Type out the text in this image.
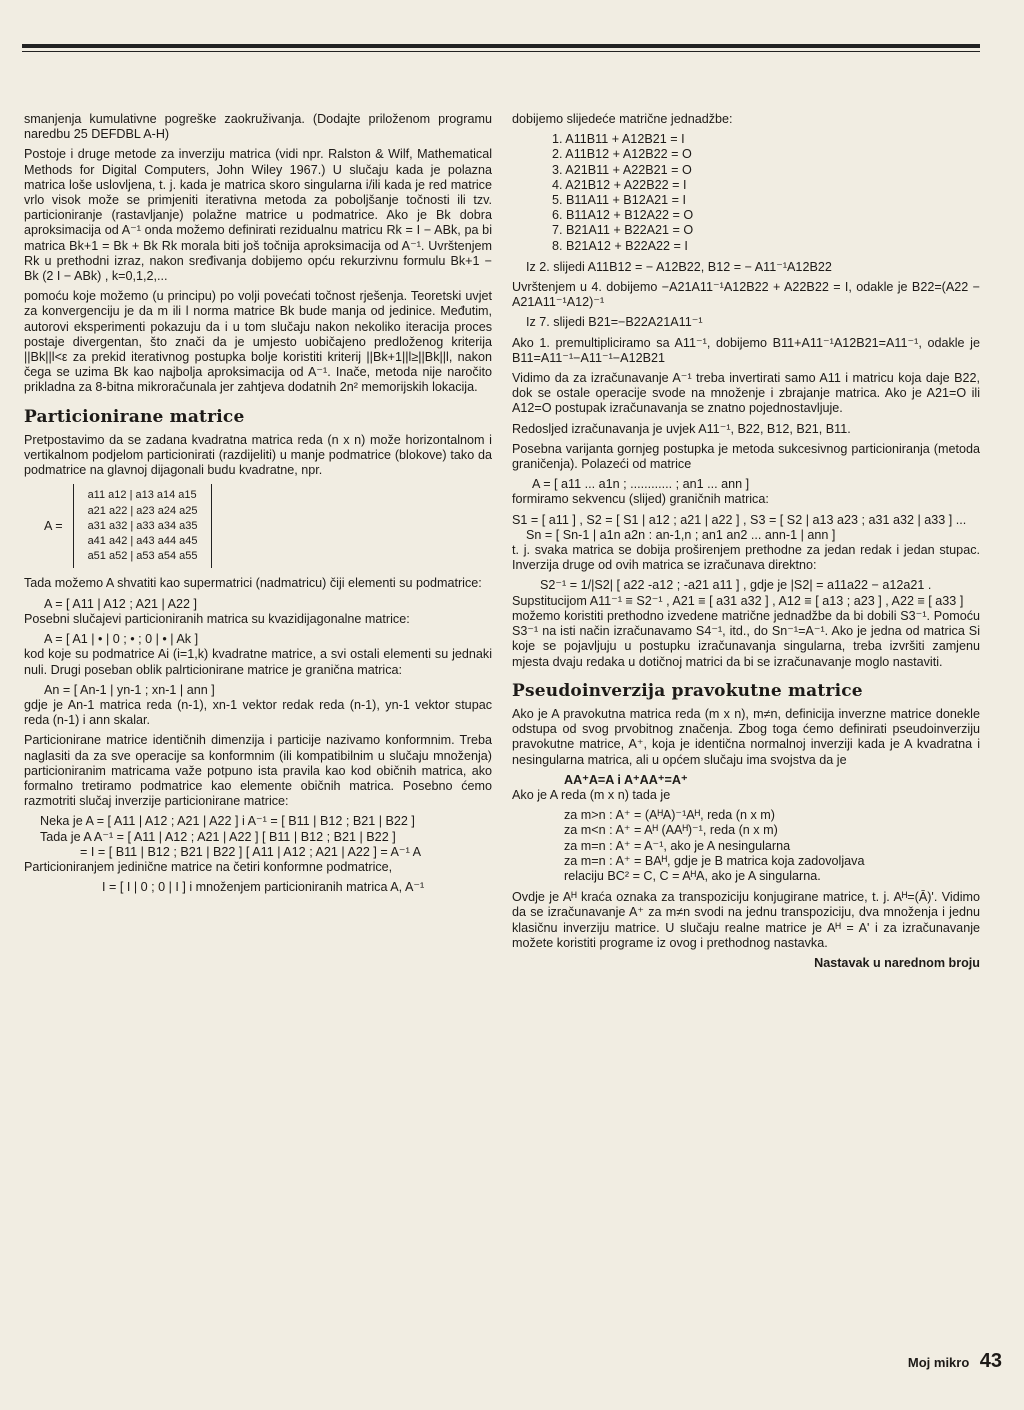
smanjenja kumulativne pogreške zaokruživanja. (Dodajte priloženom programu naredbu 25 DEFDBL A-H)

Postoje i druge metode za inverziju matrica (vidi npr. Ralston & Wilf, Mathematical Methods for Digital Computers, John Wiley 1967.) U slučaju kada je polazna matrica loše uslovljena, t. j. kada je matrica skoro singularna i/ili kada je red matrice vrlo visok može se primjeniti iterativna metoda za poboljšanje točnosti ili tzv. particioniranje (rastavljanje) polažne matrice u podmatrice. Ako je Bk dobra aproksimacija od A⁻¹ onda možemo definirati rezidualnu matricu Rk = I − ABk, pa bi matrica Bk+1 = Bk + Bk Rk morala biti još točnija aproksimacija od A⁻¹. Uvrštenjem Rk u prethodni izraz, nakon sređivanja dobijemo opću rekurzivnu formulu Bk+1 − Bk (2 I − ABk) , k=0,1,2,...

pomoću koje možemo (u principu) po volji povećati točnost rješenja. Teoretski uvjet za konvergenciju je da m ili l norma matrice Bk bude manja od jedinice. Međutim, autorovi eksperimenti pokazuju da i u tom slučaju nakon nekoliko iteracija proces postaje divergentan, što znači da je umjesto uobičajeno predloženog kriterija ||Bk||l<ε za prekid iterativnog postupka bolje koristiti kriterij ||Bk+1||l≥||Bk||l, nakon čega se uzima Bk kao najbolja aproksimacija od A⁻¹. Inače, metoda nije naročito prikladna za 8-bitna mikroračunala jer zahtjeva dodatnih 2n² memorijskih lokacija.

Particionirane matrice

Pretpostavimo da se zadana kvadratna matrica reda (n x n) može horizontalnom i vertikalnom podjelom particionirati (razdijeliti) u manje podmatrice (blokove) tako da podmatrice na glavnoj dijagonali budu kvadratne, npr.

A =
a11 a12 | a13 a14 a15
a21 a22 | a23 a24 a25
a31 a32 | a33 a34 a35
a41 a42 | a43 a44 a45
a51 a52 | a53 a54 a55

Tada možemo A shvatiti kao supermatrici (nadmatricu) čiji elementi su podmatrice:

A = [ A11 | A12 ; A21 | A22 ]

Posebni slučajevi particioniranih matrica su kvazidijagonalne matrice:

A = [ A1 | • | 0 ; • ; 0 | • | Ak ]

kod koje su podmatrice Ai (i=1,k) kvadratne matrice, a svi ostali elementi su jednaki nuli. Drugi poseban oblik palrticionirane matrice je granična matrica:

An = [ An-1 | yn-1 ; xn-1 | ann ]

gdje je An-1 matrica reda (n-1), xn-1 vektor redak reda (n-1), yn-1 vektor stupac reda (n-1) i ann skalar.

Particionirane matrice identičnih dimenzija i particije nazivamo konformnim. Treba naglasiti da za sve operacije sa konformnim (ili kompatibilnim u slučaju množenja) particioniranim matricama važe potpuno ista pravila kao kod običnih matrica, ako formalno tretiramo podmatrice kao elemente običnih matrica. Posebno ćemo razmotriti slučaj inverzije particionirane matrice:

Neka je A = [ A11 | A12 ; A21 | A22 ] i A⁻¹ = [ B11 | B12 ; B21 | B22 ]
Tada je A A⁻¹ = [ A11 | A12 ; A21 | A22 ] [ B11 | B12 ; B21 | B22 ]
= I = [ B11 | B12 ; B21 | B22 ] [ A11 | A12 ; A21 | A22 ] = A⁻¹ A

Particioniranjem jedinične matrice na četiri konformne podmatrice,

I = [ I | 0 ; 0 | I ] i množenjem particioniranih matrica A, A⁻¹

dobijemo slijedeće matrične jednadžbe:

1. A11B11 + A12B21 = I
2. A11B12 + A12B22 = O
3. A21B11 + A22B21 = O
4. A21B12 + A22B22 = I
5. B11A11 + B12A21 = I
6. B11A12 + B12A22 = O
7. B21A11 + B22A21 = O
8. B21A12 + B22A22 = I

Iz 2. slijedi A11B12 = − A12B22, B12 = − A11⁻¹A12B22

Uvrštenjem u 4. dobijemo −A21A11⁻¹A12B22 + A22B22 = I, odakle je B22=(A22 − A21A11⁻¹A12)⁻¹

Iz 7. slijedi B21=−B22A21A11⁻¹

Ako 1. premultipliciramo sa A11⁻¹, dobijemo B11+A11⁻¹A12B21=A11⁻¹, odakle je B11=A11⁻¹−A11⁻¹−A12B21

Vidimo da za izračunavanje A⁻¹ treba invertirati samo A11 i matricu koja daje B22, dok se ostale operacije svode na množenje i zbrajanje matrica. Ako je A21=O ili A12=O postupak izračunavanja se znatno pojednostavljuje.

Redosljed izračunavanja je uvjek A11⁻¹, B22, B12, B21, B11.

Posebna varijanta gornjeg postupka je metoda sukcesivnog particioniranja (metoda graničenja). Polazeći od matrice

A = [ a11 ... a1n ; ............ ; an1 ... ann ]

formiramo sekvencu (slijed) graničnih matrica:

S1 = [ a11 ] , S2 = [ S1 | a12 ; a21 | a22 ] , S3 = [ S2 | a13 a23 ; a31 a32 | a33 ] ...
Sn = [ Sn-1 | a1n a2n : an-1,n ; an1 an2 ... ann-1 | ann ]

t. j. svaka matrica se dobija proširenjem prethodne za jedan redak i jedan stupac. Inverzija druge od ovih matrica se izračunava direktno:

S2⁻¹ = 1/|S2| [ a22 -a12 ; -a21 a11 ] , gdje je |S2| = a11a22 − a12a21 .
Supstitucijom A11⁻¹ ≡ S2⁻¹ , A21 ≡ [ a31 a32 ] , A12 ≡ [ a13 ; a23 ] , A22 ≡ [ a33 ]

možemo koristiti prethodno izvedene matrične jednadžbe da bi dobili S3⁻¹. Pomoću S3⁻¹ na isti način izračunavamo S4⁻¹, itd., do Sn⁻¹=A⁻¹. Ako je jedna od matrica Si koje se pojavljuju u postupku izračunavanja singularna, treba izvršiti zamjenu mjesta dvaju redaka u dotičnoj matrici da bi se izračunavanje moglo nastaviti.

Pseudoinverzija pravokutne matrice

Ako je A pravokutna matrica reda (m x n), m≠n, definicija inverzne matrice donekle odstupa od svog prvobitnog značenja. Zbog toga ćemo definirati pseudoinverziju pravokutne matrice, A⁺, koja je identična normalnoj inverziji kada je A kvadratna i nesingularna matrica, ali u općem slučaju ima svojstva da je

AA⁺A=A i A⁺AA⁺=A⁺

Ako je A reda (m x n) tada je

za m>n : A⁺ = (AᴴA)⁻¹Aᴴ, reda (n x m)
za m<n : A⁺ = Aᴴ (AAᴴ)⁻¹, reda (n x m)
za m=n : A⁺ = A⁻¹, ako je A nesingularna
za m=n : A⁺ = BAᴴ, gdje je B matrica koja zadovoljava
relaciju BC² = C, C = AᴴA, ako je A singularna.

Ovdje je Aᴴ kraća oznaka za transpoziciju konjugirane matrice, t. j. Aᴴ=(Ā)'. Vidimo da se izračunavanje A⁺ za m≠n svodi na jednu transpoziciju, dva množenja i jednu klasičnu inverziju matrice. U slučaju realne matrice je Aᴴ = A' i za izračunavanje možete koristiti programe iz ovog i prethodnog nastavka.

Nastavak u narednom broju
Moj mikro 43
